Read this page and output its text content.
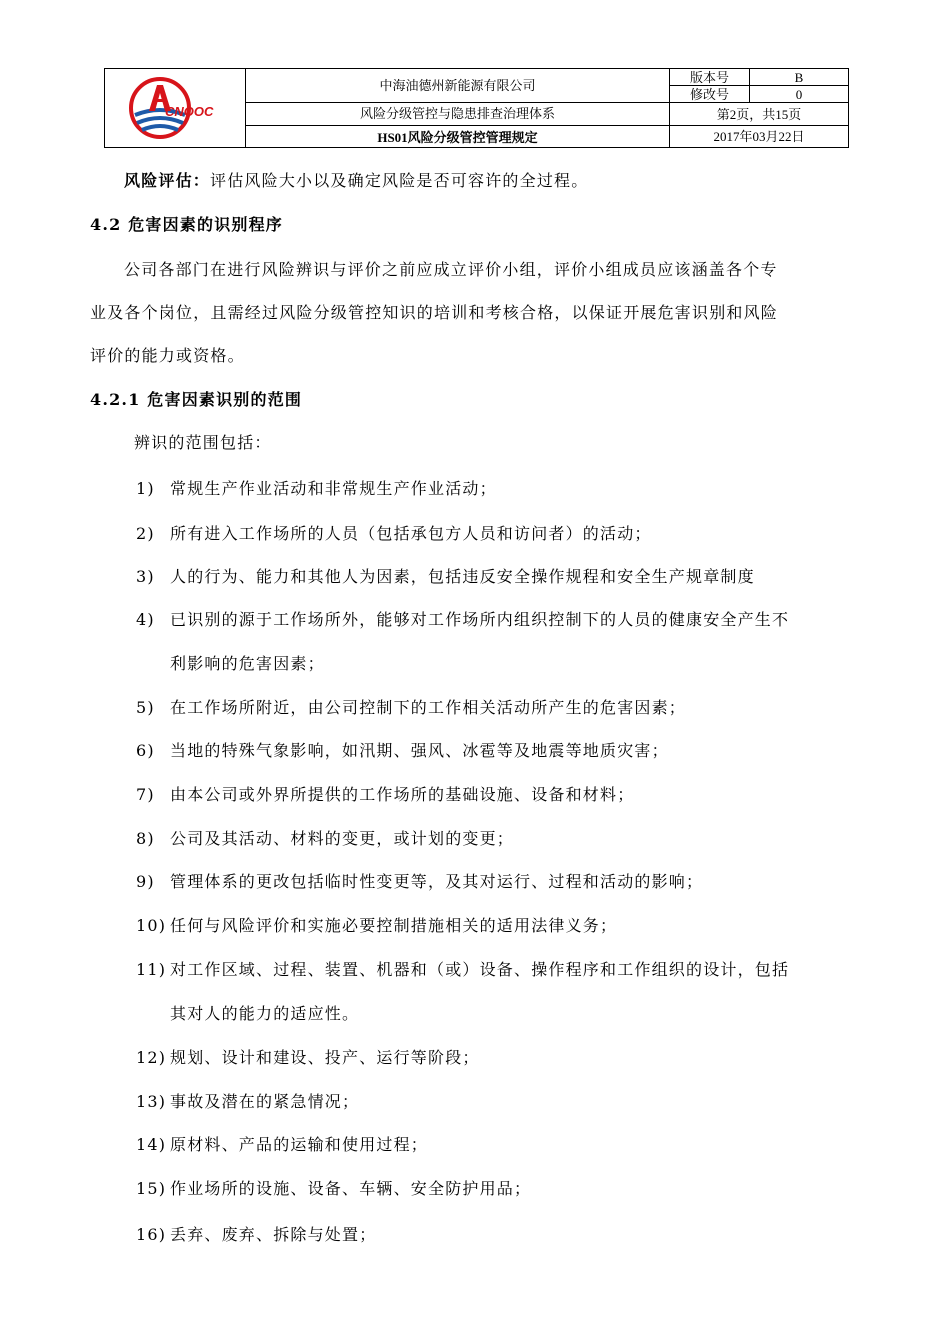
CNOOC	中海油德州新能源有限公司	版本号	B
		修改号	0
	风险分级管控与隐患排查治理体系	第2页，共15页	
	HS01风险分级管控管理规定	2017年03月22日	
风险评估：评估风险大小以及确定风险是否可容许的全过程。
4.2 危害因素的识别程序
公司各部门在进行风险辨识与评价之前应成立评价小组，评价小组成员应该涵盖各个专
业及各个岗位，且需经过风险分级管控知识的培训和考核合格，以保证开展危害识别和风险
评价的能力或资格。
4.2.1 危害因素识别的范围
辨识的范围包括：
1) 常规生产作业活动和非常规生产作业活动；
2) 所有进入工作场所的人员（包括承包方人员和访问者）的活动；
3) 人的行为、能力和其他人为因素，包括违反安全操作规程和安全生产规章制度
4) 已识别的源于工作场所外，能够对工作场所内组织控制下的人员的健康安全产生不
利影响的危害因素；
5) 在工作场所附近，由公司控制下的工作相关活动所产生的危害因素；
6) 当地的特殊气象影响，如汛期、强风、冰雹等及地震等地质灾害；
7) 由本公司或外界所提供的工作场所的基础设施、设备和材料；
8) 公司及其活动、材料的变更，或计划的变更；
9) 管理体系的更改包括临时性变更等，及其对运行、过程和活动的影响；
10) 任何与风险评价和实施必要控制措施相关的适用法律义务；
11) 对工作区域、过程、装置、机器和（或）设备、操作程序和工作组织的设计，包括
其对人的能力的适应性。
12) 规划、设计和建设、投产、运行等阶段；
13) 事故及潜在的紧急情况；
14) 原材料、产品的运输和使用过程；
15) 作业场所的设施、设备、车辆、安全防护用品；
16) 丢弃、废弃、拆除与处置；
